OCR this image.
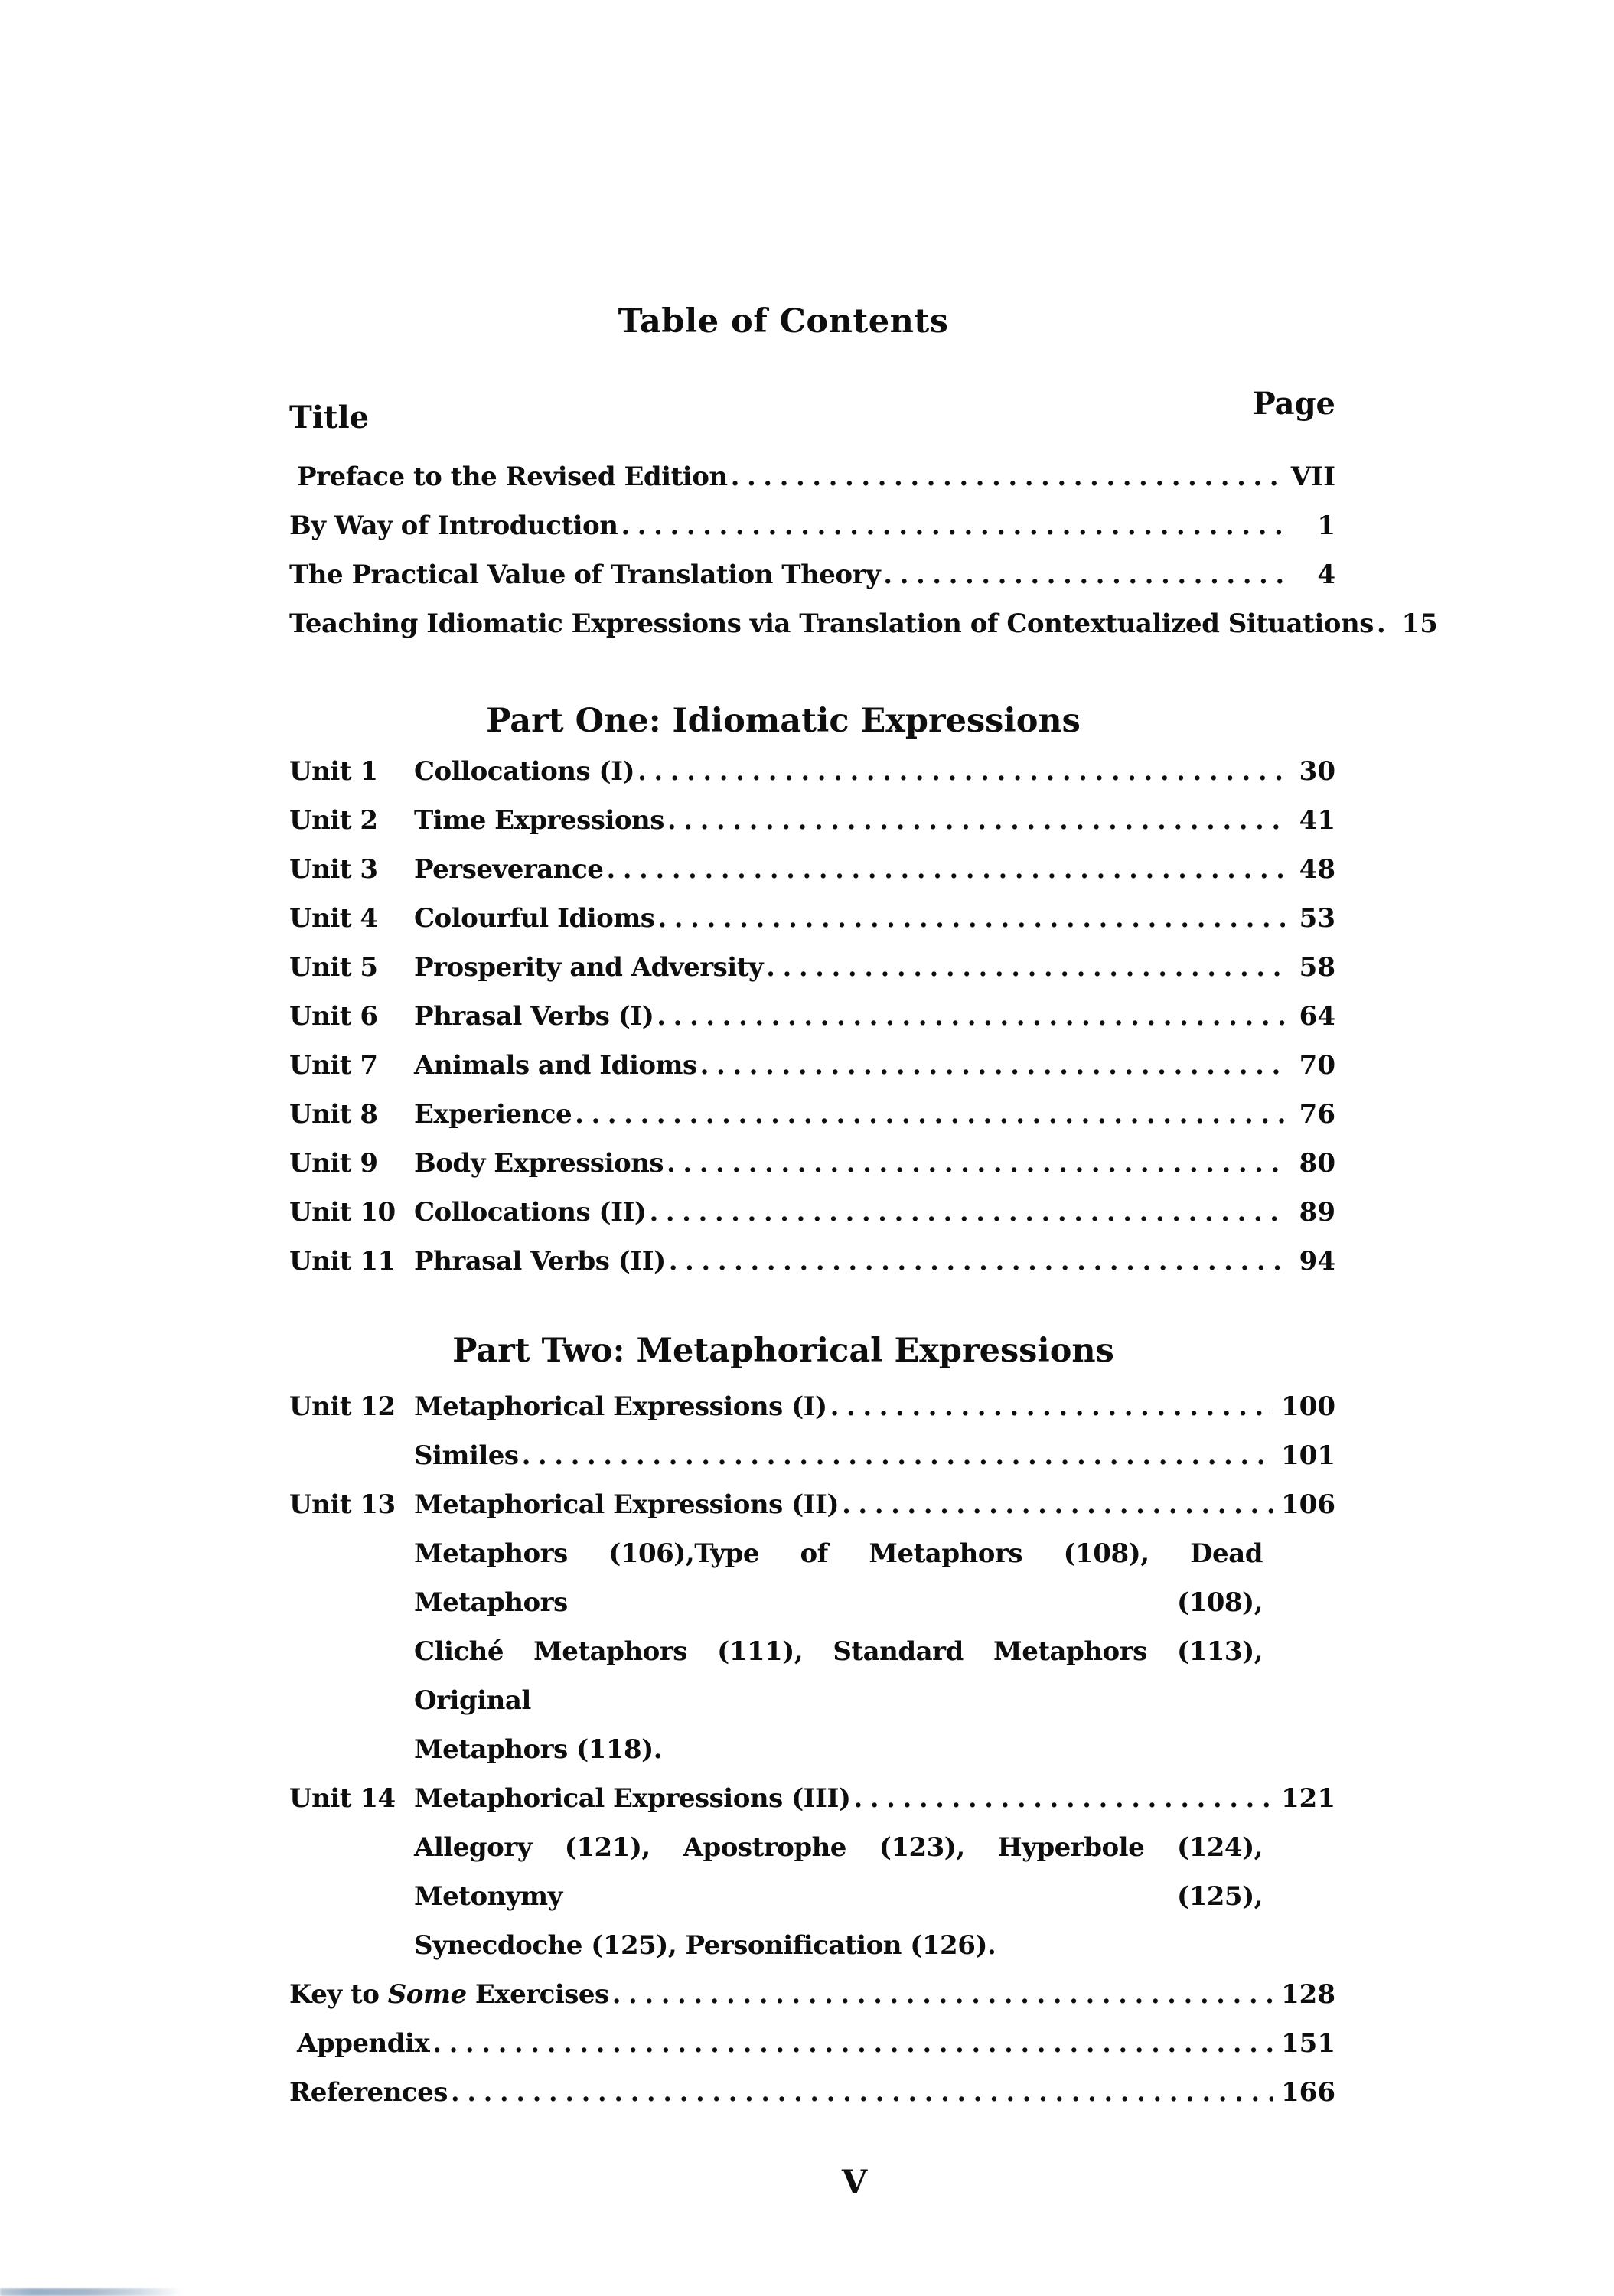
Table of Contents
Title	Page
Preface to the Revised Edition .....	VII
By Way of Introduction .....	1
The Practical Value of Translation Theory .....	4
Teaching Idiomatic Expressions via Translation of Contextualized Situations ..... 15
Part One: Idiomatic Expressions
Unit 1	Collocations (I) .....	30
Unit 2	Time Expressions .....	41
Unit 3	Perseverance .....	48
Unit 4	Colourful Idioms .....	53
Unit 5	Prosperity and Adversity .....	58
Unit 6	Phrasal Verbs (I) .....	64
Unit 7	Animals and Idioms .....	70
Unit 8	Experience .....	76
Unit 9	Body Expressions .....	80
Unit 10 Collocations (II) .....	89
Unit 11 Phrasal Verbs (II) .....	94
Part Two: Metaphorical Expressions
Unit 12 Metaphorical Expressions (I) .....	100
Similes .....	101
Unit 13 Metaphorical Expressions (II) .....	106
Metaphors (106),Type of Metaphors (108), Dead Metaphors (108),
Cliché Metaphors (111), Standard Metaphors (113), Original
Metaphors (118).
Unit 14 Metaphorical Expressions (III) .....	121
Allegory (121), Apostrophe (123), Hyperbole (124), Metonymy (125),
Synecdoche (125), Personification (126).
Key to Some Exercises .....	128
Appendix .....	151
References .....	166
V
